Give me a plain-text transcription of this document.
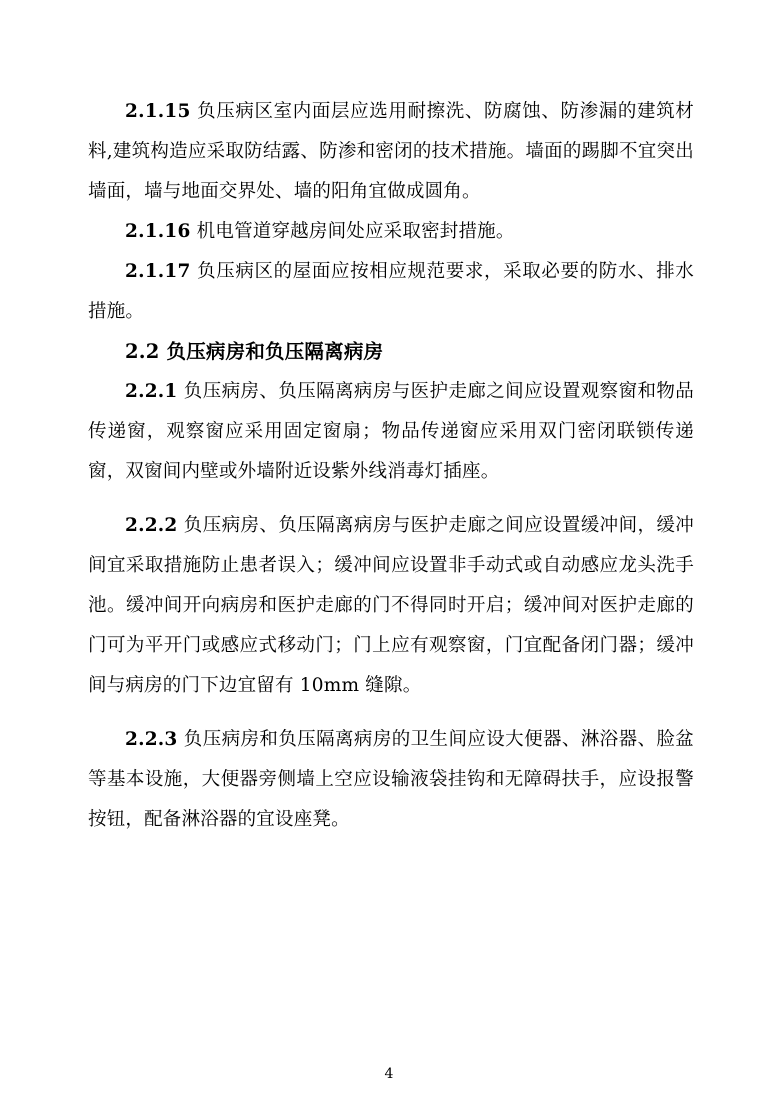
2.1.15 负压病区室内面层应选用耐擦洗、防腐蚀、防渗漏的建筑材料,建筑构造应采取防结露、防渗和密闭的技术措施。墙面的踢脚不宜突出墙面，墙与地面交界处、墙的阳角宜做成圆角。

2.1.16 机电管道穿越房间处应采取密封措施。

2.1.17 负压病区的屋面应按相应规范要求，采取必要的防水、排水措施。

2.2 负压病房和负压隔离病房

2.2.1 负压病房、负压隔离病房与医护走廊之间应设置观察窗和物品传递窗，观察窗应采用固定窗扇；物品传递窗应采用双门密闭联锁传递窗，双窗间内壁或外墙附近设紫外线消毒灯插座。

2.2.2 负压病房、负压隔离病房与医护走廊之间应设置缓冲间，缓冲间宜采取措施防止患者误入；缓冲间应设置非手动式或自动感应龙头洗手池。缓冲间开向病房和医护走廊的门不得同时开启；缓冲间对医护走廊的门可为平开门或感应式移动门；门上应有观察窗，门宜配备闭门器；缓冲间与病房的门下边宜留有 10mm 缝隙。

2.2.3 负压病房和负压隔离病房的卫生间应设大便器、淋浴器、脸盆等基本设施，大便器旁侧墙上空应设输液袋挂钩和无障碍扶手，应设报警按钮，配备淋浴器的宜设座凳。

4
